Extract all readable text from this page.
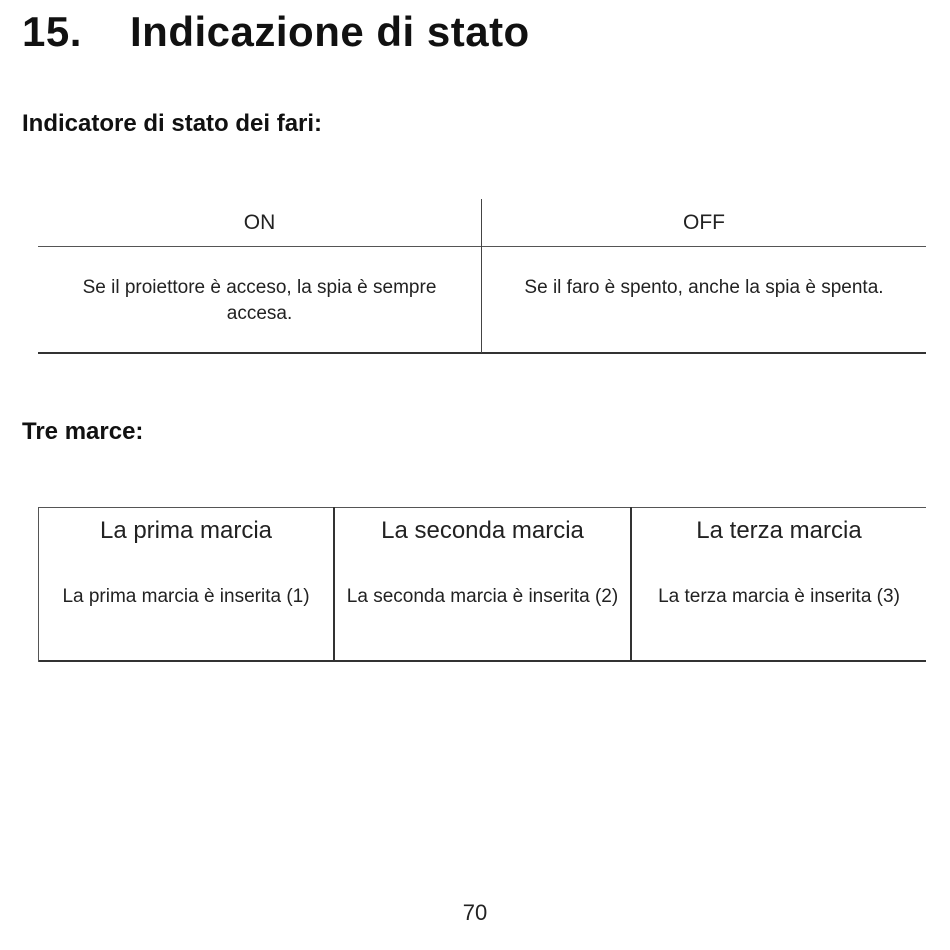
15. Indicazione di stato
Indicatore di stato dei fari:
ON
Se il proiettore è acceso, la spia è sempre accesa.
OFF
Se il faro è spento, anche la spia è spenta.
Tre marce:
La prima marcia
La prima marcia è inserita (1)
La seconda marcia
La seconda marcia è inserita (2)
La terza marcia
La terza marcia è inserita (3)
70
